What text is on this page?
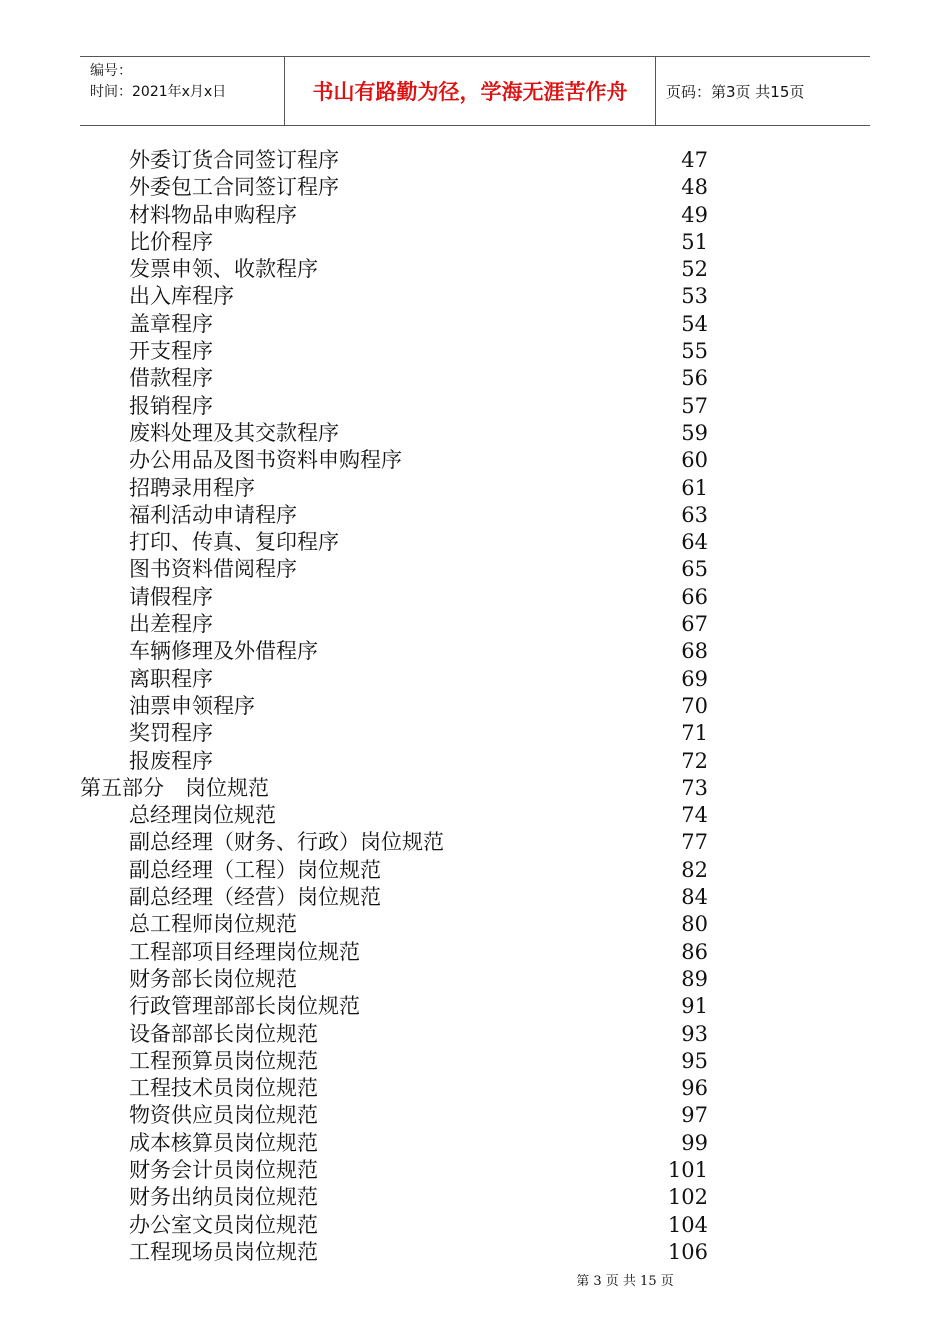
编号：
时间：2021年x月x日	书山有路勤为径，学海无涯苦作舟	页码：第3页 共15页
外委订货合同签订程序	47
外委包工合同签订程序	48
材料物品申购程序	49
比价程序	51
发票申领、收款程序	52
出入库程序	53
盖章程序	54
开支程序	55
借款程序	56
报销程序	57
废料处理及其交款程序	59
办公用品及图书资料申购程序	60
招聘录用程序	61
福利活动申请程序	63
打印、传真、复印程序	64
图书资料借阅程序	65
请假程序	66
出差程序	67
车辆修理及外借程序	68
离职程序	69
油票申领程序	70
奖罚程序	71
报废程序	72
第五部分　岗位规范	73
总经理岗位规范	74
副总经理（财务、行政）岗位规范	77
副总经理（工程）岗位规范	82
副总经理（经营）岗位规范	84
总工程师岗位规范	80
工程部项目经理岗位规范	86
财务部长岗位规范	89
行政管理部部长岗位规范	91
设备部部长岗位规范	93
工程预算员岗位规范	95
工程技术员岗位规范	96
物资供应员岗位规范	97
成本核算员岗位规范	99
财务会计员岗位规范	101
财务出纳员岗位规范	102
办公室文员岗位规范	104
工程现场员岗位规范	106
第 3 页 共 15 页
